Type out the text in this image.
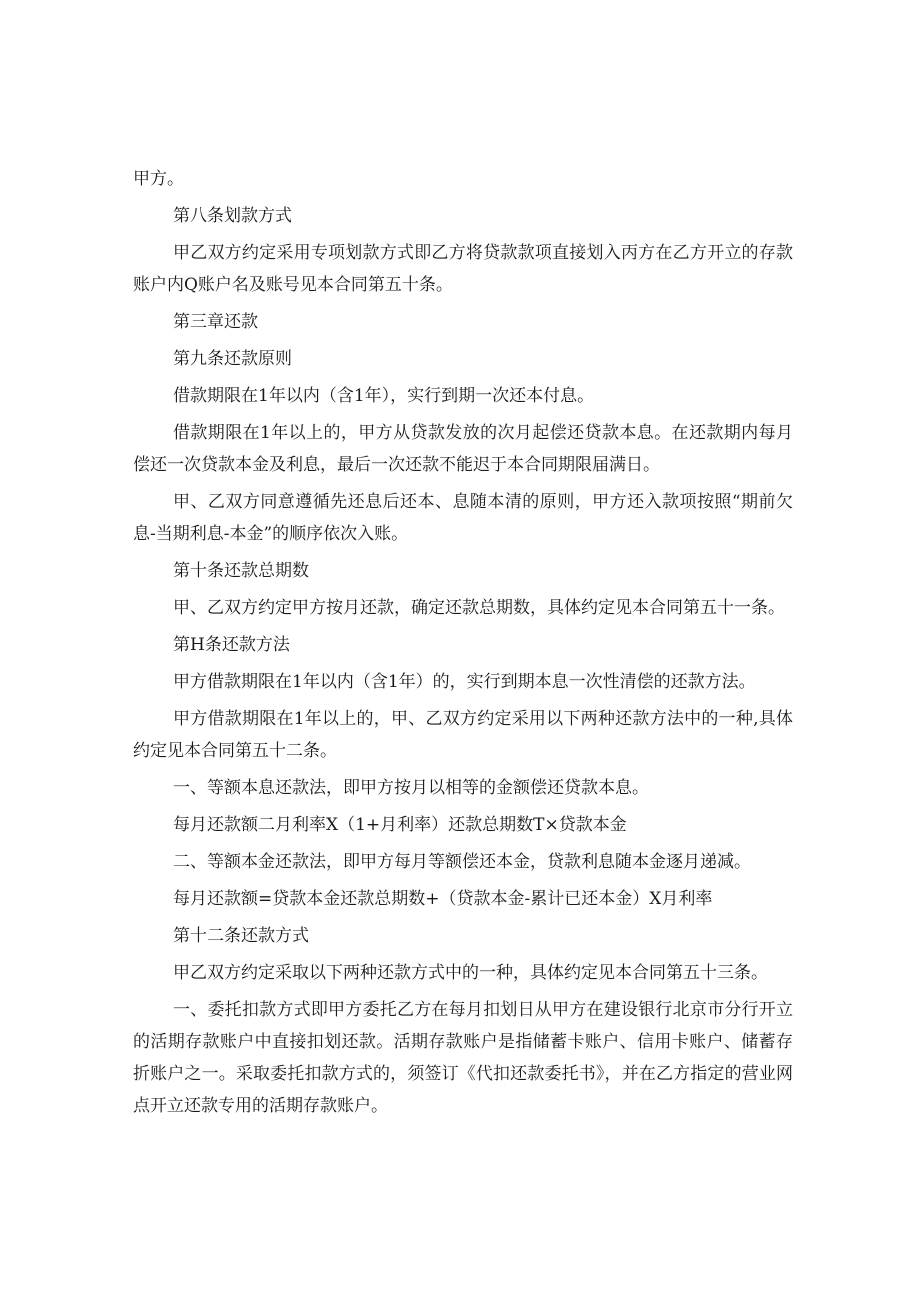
甲方。

第八条划款方式

甲乙双方约定采用专项划款方式即乙方将贷款款项直接划入丙方在乙方开立的存款账户内Q账户名及账号见本合同第五十条。

第三章还款

第九条还款原则

借款期限在1年以内（含1年），实行到期一次还本付息。

借款期限在1年以上的，甲方从贷款发放的次月起偿还贷款本息。在还款期内每月偿还一次贷款本金及利息，最后一次还款不能迟于本合同期限届满日。

甲、乙双方同意遵循先还息后还本、息随本清的原则，甲方还入款项按照“期前欠息-当期利息-本金”的顺序依次入账。

第十条还款总期数

甲、乙双方约定甲方按月还款，确定还款总期数，具体约定见本合同第五十一条。

第H条还款方法

甲方借款期限在1年以内（含1年）的，实行到期本息一次性清偿的还款方法。

甲方借款期限在1年以上的，甲、乙双方约定采用以下两种还款方法中的一种,具体约定见本合同第五十二条。

一、等额本息还款法，即甲方按月以相等的金额偿还贷款本息。

每月还款额二月利率X（1+月利率）还款总期数T×贷款本金

二、等额本金还款法，即甲方每月等额偿还本金，贷款利息随本金逐月递减。

每月还款额=贷款本金还款总期数+（贷款本金-累计已还本金）X月利率

第十二条还款方式

甲乙双方约定采取以下两种还款方式中的一种，具体约定见本合同第五十三条。

一、委托扣款方式即甲方委托乙方在每月扣划日从甲方在建设银行北京市分行开立的活期存款账户中直接扣划还款。活期存款账户是指储蓄卡账户、信用卡账户、储蓄存折账户之一。采取委托扣款方式的，须签订《代扣还款委托书》，并在乙方指定的营业网点开立还款专用的活期存款账户。
